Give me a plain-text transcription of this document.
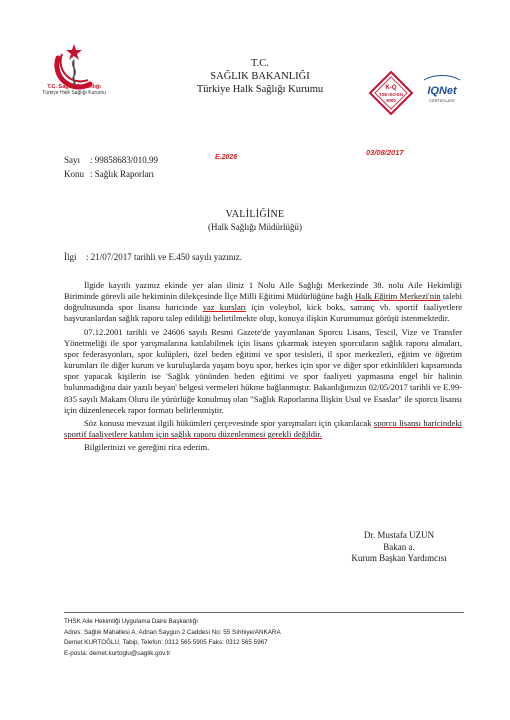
T.C. Sağlık Bakanlığı
Türkiye Halk Sağlığı Kurumu
T.C.
SAĞLIK BAKANLIĞI
Türkiye Halk Sağlığı Kurumu	K-Q
TSE-ISO-EN
9000
IQNet
CERTIFICATE
Sayı : 99858683/010.99
Konu : Sağlık Raporları
E.2026
03/08/2017
VALİLİĞİNE
(Halk Sağlığı Müdürlüğü)
İlgi : 21/07/2017 tarihli ve E.450 sayılı yazınız.

İlgide kayıtlı yazınız ekinde yer alan iliniz 1 Nolu Aile Sağlığı Merkezinde 38. nolu Aile Hekimliği Biriminde görevli aile hekiminin dilekçesinde İlçe Milli Eğitimi Müdürlüğüne bağlı Halk Eğitim Merkezi'nin talebi doğrultusunda spor lisansı haricinde vaz kursları için voleybol, kick boks, satranç vb. sportif faaliyetlere başvuranlardan sağlık raporu talep edildiği belirtilmekte olup, konuya ilişkin Kurumumuz görüşü istenmektedir.

07.12.2001 tarihli ve 24606 sayılı Resmi Gazete'de yayımlanan Sporcu Lisans, Tescil, Vize ve Transfer Yönetmeliği ile spor yarışmalarına katılabilmek için lisans çıkarmak isteyen sporcuların sağlık raporu almaları, spor federasyonları, spor kulüpleri, özel beden eğitimi ve spor tesisleri, il spor merkezleri, eğitim ve öğretim kurumları ile diğer kurum ve kuruluşlarda yaşam boyu spor, herkes için spor ve diğer spor etkinlikleri kapsamında spor yapacak kişilerin ise 'Sağlık yönünden beden eğitimi ve spor faaliyeti yapmasına engel bir halinin bulunmadığına dair yazılı beyan' belgesi vermeleri hükme bağlanmıştır. Bakanlığımızın 02/05/2017 tarihli ve E.99-835 sayılı Makam Oluru ile yürürlüğe konulmuş olan "Sağlık Raporlarına İlişkin Usul ve Esaslar" ile sporcu lisansı için düzenlenecek rapor formatı belirlenmiştir.

Söz konusu mevzuat ilgili hükümleri çerçevesinde spor yarışmaları için çıkarılacak sporcu lisansı haricindeki sportif faaliyetlere katılım için sağlık raporu düzenlenmesi gerekli değildir.

Bilgilerinizi ve gereğini rica ederim.

Dr. Mustafa UZUN
Bakan a.
Kurum Başkan Yardımcısı
THSK Aile Hekimliği Uygulama Daire Başkanlığı
Adres: Sağlık Mahallesi A. Adnan Saygun 2 Caddesi No: 55 Sıhhiye/ANKARA
Demet KURTOĞLU, Tabip, Telefon: 0312 565 5905 Faks: 0312 565 5967
E-posta: demet.kurtoglu@saglik.gov.tr
